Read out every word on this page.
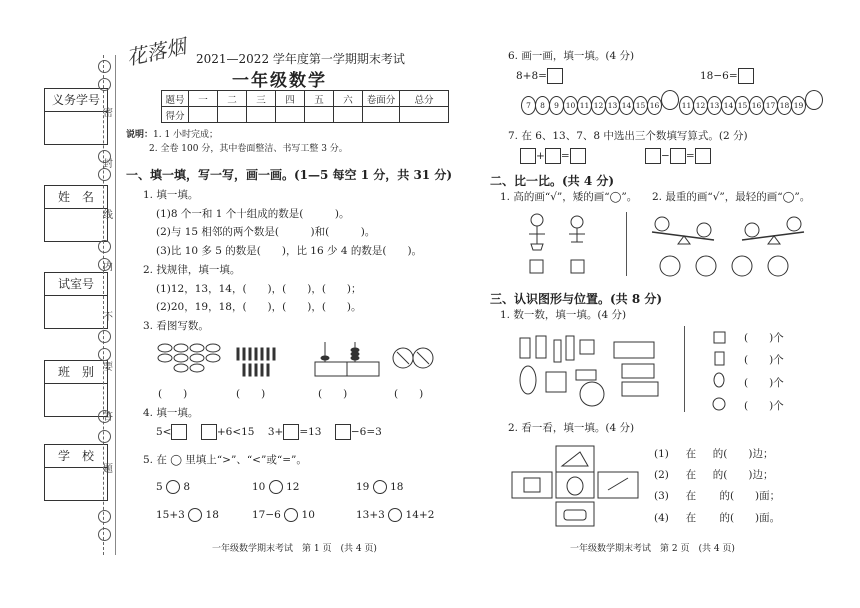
义务学号
姓　名
试室号
班　别
学　校
密
封
线
内
不
要
答
题
花落烟 2021—2022 学年度第一学期期末考试
一年级数学
题号	一	二	三	四	五	六	卷面分	总分
得分								
说明：1. 1 小时完成；
2. 全卷 100 分，其中卷面整洁、书写工整 3 分。
一、填一填，写一写，画一画。(1—5 每空 1 分，共 31 分)
1. 填一填。
(1)8 个一和 1 个十组成的数是(　　　)。
(2)与 15 相邻的两个数是(　　　)和(　　　)。
(3)比 10 多 5 的数是(　　)，比 16 少 4 的数是(　　)。
2. 找规律，填一填。
(1)12，13，14，(　　)，(　　)，(　　)；
(2)20，19，18，(　　)，(　　)，(　　)。
3. 看图写数。
(　　)	(　　)	(　　)	(　　)
4. 填一填。
5<	+6<15 3+ =13	−6=3
5. 在 ◯ 里填上“>”、“<”或“=”。
5 8	10 12	19 18
15+3 18	17−6 10	13+3 14+2
一年级数学期末考试　第 1 页　(共 4 页)
6. 画一画，填一填。(4 分)
8+8=	18−6=
7	8	9 10 11 12 13 14 15 16	11 12 13 14 15 16 17 18 19
7. 在 6、13、7、8 中选出三个数填写算式。(2 分)
+ =	− =
二、比一比。(共 4 分)
1. 高的画“√”，矮的画“◯”。 2. 最重的画“√”，最轻的画“◯”。
三、认识图形与位置。(共 8 分)
1. 数一数，填一填。(4 分)
(　　)个
(　　)个
(　　)个
(　　)个
2. 看一看，填一填。(4 分)
(1) 在 的(　　)边；
(2) 在 的(　　)边；
(3) 在 的(　　)面；
(4) 在 的(　　)面。
一年级数学期末考试　第 2 页　(共 4 页)
